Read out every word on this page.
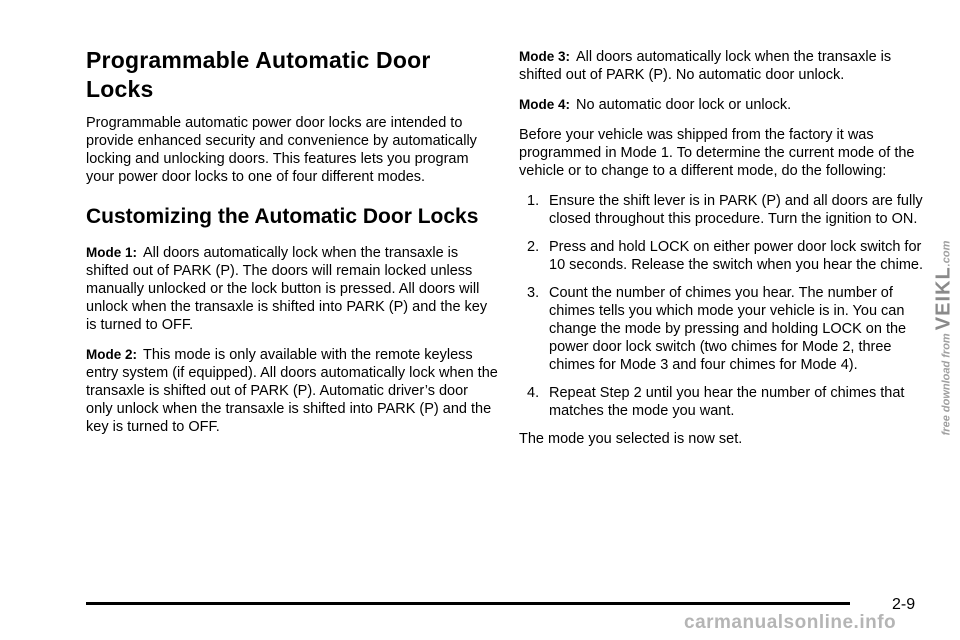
Programmable Automatic Door Locks

Programmable automatic power door locks are intended to provide enhanced security and convenience by automatically locking and unlocking doors. This features lets you program your power door locks to one of four different modes.

Customizing the Automatic Door Locks

Mode 1: All doors automatically lock when the transaxle is shifted out of PARK (P). The doors will remain locked unless manually unlocked or the lock button is pressed. All doors will unlock when the transaxle is shifted into PARK (P) and the key is turned to OFF.

Mode 2: This mode is only available with the remote keyless entry system (if equipped). All doors automatically lock when the transaxle is shifted out of PARK (P). Automatic driver’s door only unlock when the transaxle is shifted into PARK (P) and the key is turned to OFF.

Mode 3: All doors automatically lock when the transaxle is shifted out of PARK (P). No automatic door unlock.

Mode 4: No automatic door lock or unlock.

Before your vehicle was shipped from the factory it was programmed in Mode 1. To determine the current mode of the vehicle or to change to a different mode, do the following:

1. Ensure the shift lever is in PARK (P) and all doors are fully closed throughout this procedure. Turn the ignition to ON.
2. Press and hold LOCK on either power door lock switch for 10 seconds. Release the switch when you hear the chime.
3. Count the number of chimes you hear. The number of chimes tells you which mode your vehicle is in. You can change the mode by pressing and holding LOCK on the power door lock switch (two chimes for Mode 2, three chimes for Mode 3 and four chimes for Mode 4).
4. Repeat Step 2 until you hear the number of chimes that matches the mode you want.

The mode you selected is now set.

2-9
carmanualsonline.info
free download from VEIKL.com
